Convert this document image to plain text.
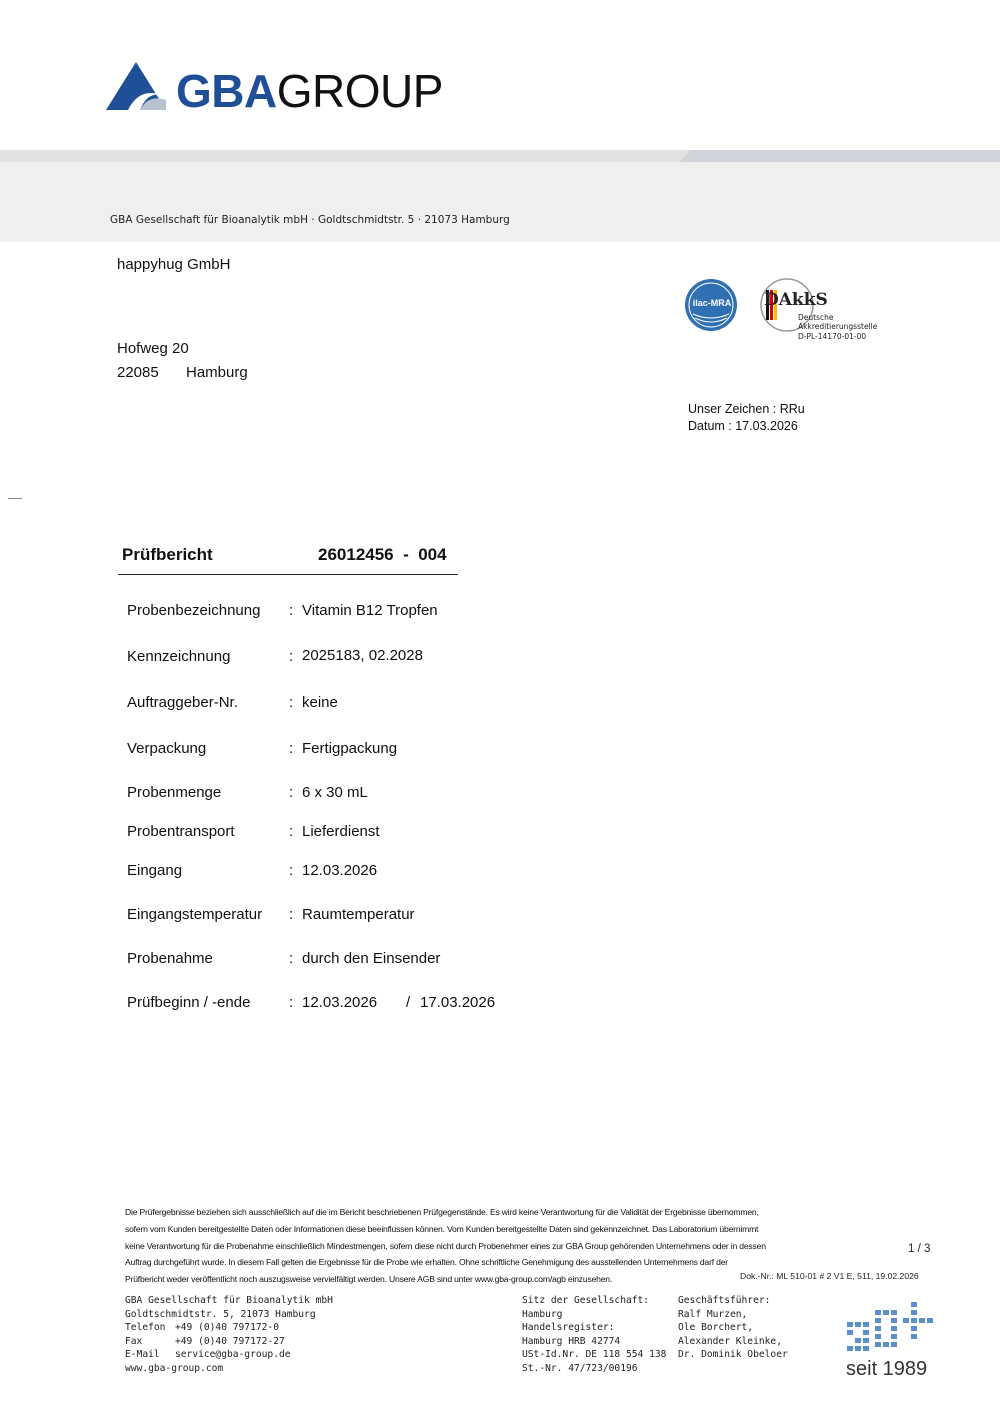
GBAGROUP
GBA Gesellschaft für Bioanalytik mbH · Goldtschmidtstr. 5 · 21073 Hamburg
happyhug GmbH
Hofweg 20
22085 Hamburg
ilac-MRA	DAkkS
Deutsche
Akkreditierungsstelle
D-PL-14170-01-00
Unser Zeichen : RRu
Datum : 17.03.2026
Prüfbericht	26012456  -  004
Probenbezeichnung : Vitamin B12 Tropfen
Kennzeichnung	: 2025183, 02.2028
Auftraggeber-Nr.	: keine
Verpackung	: Fertigpackung
Probenmenge	: 6 x 30 mL
Probentransport	: Lieferdienst
Eingang	: 12.03.2026
Eingangstemperatur : Raumtemperatur
Probenahme	: durch den Einsender
Prüfbeginn / -ende	: 12.03.2026 / 17.03.2026
Die Prüfergebnisse beziehen sich ausschließlich auf die im Bericht beschriebenen Prüfgegenstände. Es wird keine Verantwortung für die Validität der Ergebnisse übernommen,
sofern vom Kunden bereitgestellte Daten oder Informationen diese beeinflussen können. Vom Kunden bereitgestellte Daten sind gekennzeichnet. Das Laboratorium übernimmt
keine Verantwortung für die Probenahme einschließlich Mindestmengen, sofern diese nicht durch Probenehmer eines zur GBA Group gehörenden Unternehmens oder in dessen
Auftrag durchgeführt wurde. In diesem Fall gelten die Ergebnisse für die Probe wie erhalten. Ohne schriftliche Genehmigung des ausstellenden Unternehmens darf der
Prüfbericht weder veröffentlicht noch auszugsweise vervielfältigt werden. Unsere AGB sind unter www.gba-group.com/agb einzusehen.
1 / 3
Dok.-Nr.: ML 510-01 # 2 V1 E, 511, 19.02.2026
GBA Gesellschaft für Bioanalytik mbH
Goldtschmidtstr. 5, 21073 Hamburg
Telefon +49 (0)40 797172-0
Fax	+49 (0)40 797172-27
E-Mail	service@gba-group.de
www.gba-group.com
Sitz der Gesellschaft:
Hamburg
Handelsregister:
Hamburg HRB 42774
USt-Id.Nr. DE 118 554 138
St.-Nr. 47/723/00196
Geschäftsführer:
Ralf Murzen,
Ole Borchert,
Alexander Kleinke,
Dr. Dominik Obeloer
seit 1989
